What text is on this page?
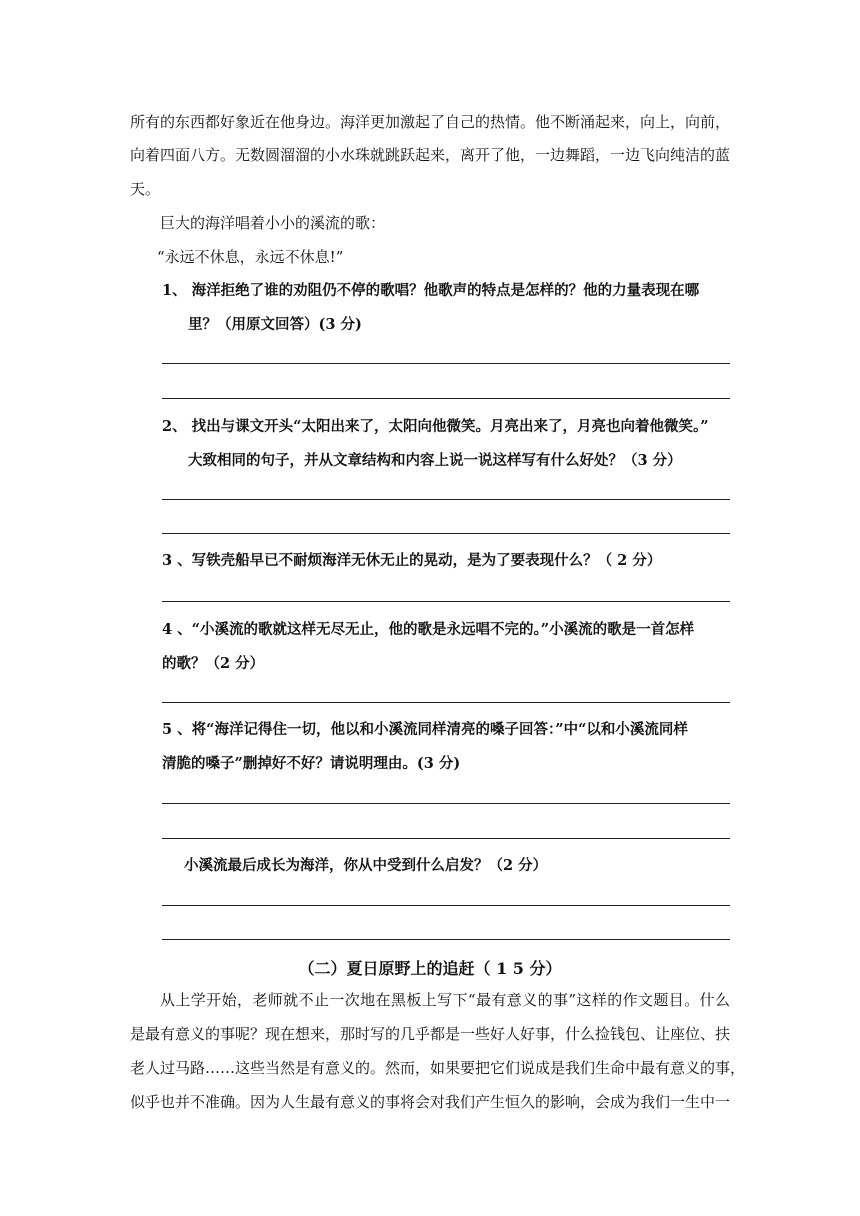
所有的东西都好象近在他身边。海洋更加激起了自己的热情。他不断涌起来，向上，向前，
向着四面八方。无数圆溜溜的小水珠就跳跃起来，离开了他，一边舞蹈，一边飞向纯洁的蓝
天。
巨大的海洋唱着小小的溪流的歌：
“永远不休息，永远不休息!”
1、 海洋拒绝了谁的劝阻仍不停的歌唱？他歌声的特点是怎样的？他的力量表现在哪
里？（用原文回答）(3 分)
2、 找出与课文开头“太阳出来了，太阳向他微笑。月亮出来了，月亮也向着他微笑。”
大致相同的句子，并从文章结构和内容上说一说这样写有什么好处？（3 分）
3 、写铁壳船早已不耐烦海洋无休无止的晃动，是为了要表现什么？（ 2 分）
4 、“小溪流的歌就这样无尽无止，他的歌是永远唱不完的。”小溪流的歌是一首怎样
的歌？（2 分）
5 、将“海洋记得住一切，他以和小溪流同样清亮的嗓子回答：”中“以和小溪流同样
清脆的嗓子”删掉好不好？请说明理由。(3 分)
小溪流最后成长为海洋，你从中受到什么启发？（2 分）
（二）夏日原野上的追赶（ 1 5 分）
从上学开始，老师就不止一次地在黑板上写下“最有意义的事”这样的作文题目。什么
是最有意义的事呢？现在想来，那时写的几乎都是一些好人好事，什么捡钱包、让座位、扶
老人过马路……这些当然是有意义的。然而，如果要把它们说成是我们生命中最有意义的事，
似乎也并不准确。因为人生最有意义的事将会对我们产生恒久的影响，会成为我们一生中一
